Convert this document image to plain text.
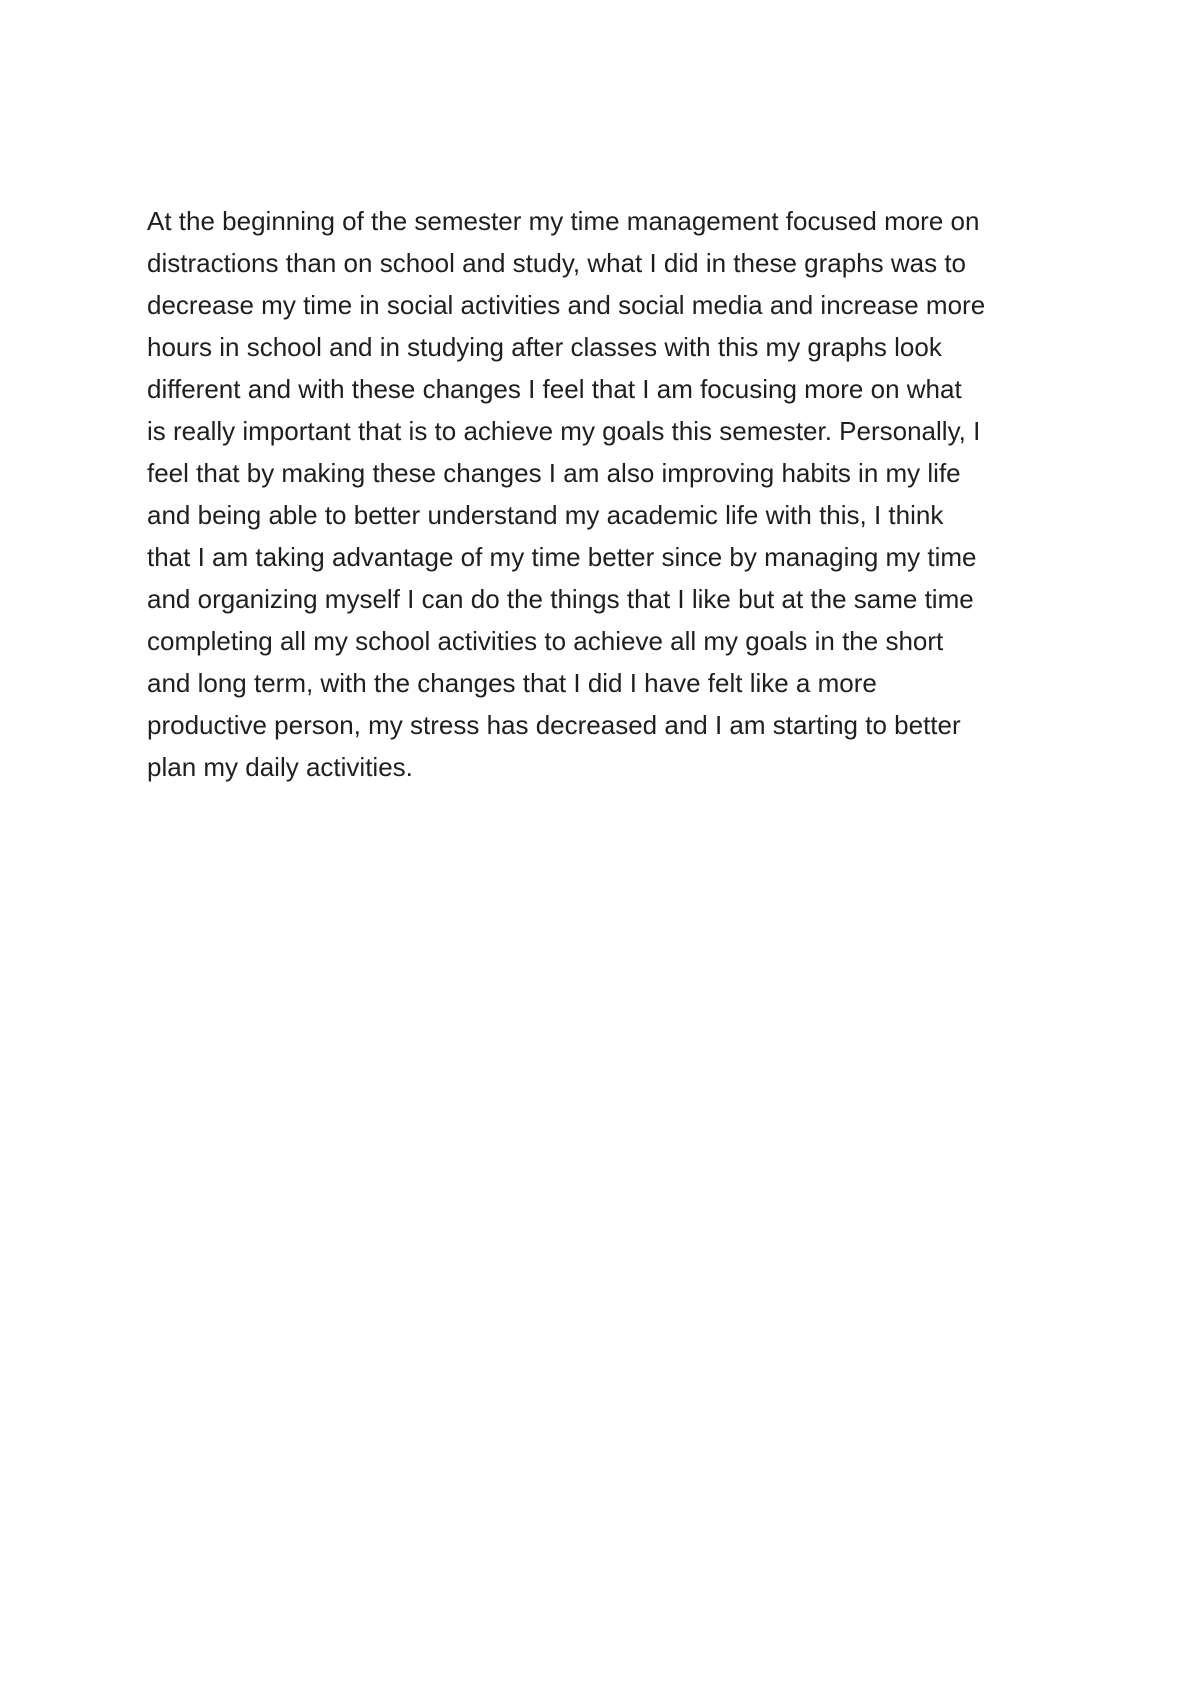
At the beginning of the semester my time management focused more on
distractions than on school and study, what I did in these graphs was to
decrease my time in social activities and social media and increase more
hours in school and in studying after classes with this my graphs look
different and with these changes I feel that I am focusing more on what
is really important that is to achieve my goals this semester. Personally, I
feel that by making these changes I am also improving habits in my life
and being able to better understand my academic life with this, I think
that I am taking advantage of my time better since by managing my time
and organizing myself I can do the things that I like but at the same time
completing all my school activities to achieve all my goals in the short
and long term, with the changes that I did I have felt like a more
productive person, my stress has decreased and I am starting to better
plan my daily activities.
